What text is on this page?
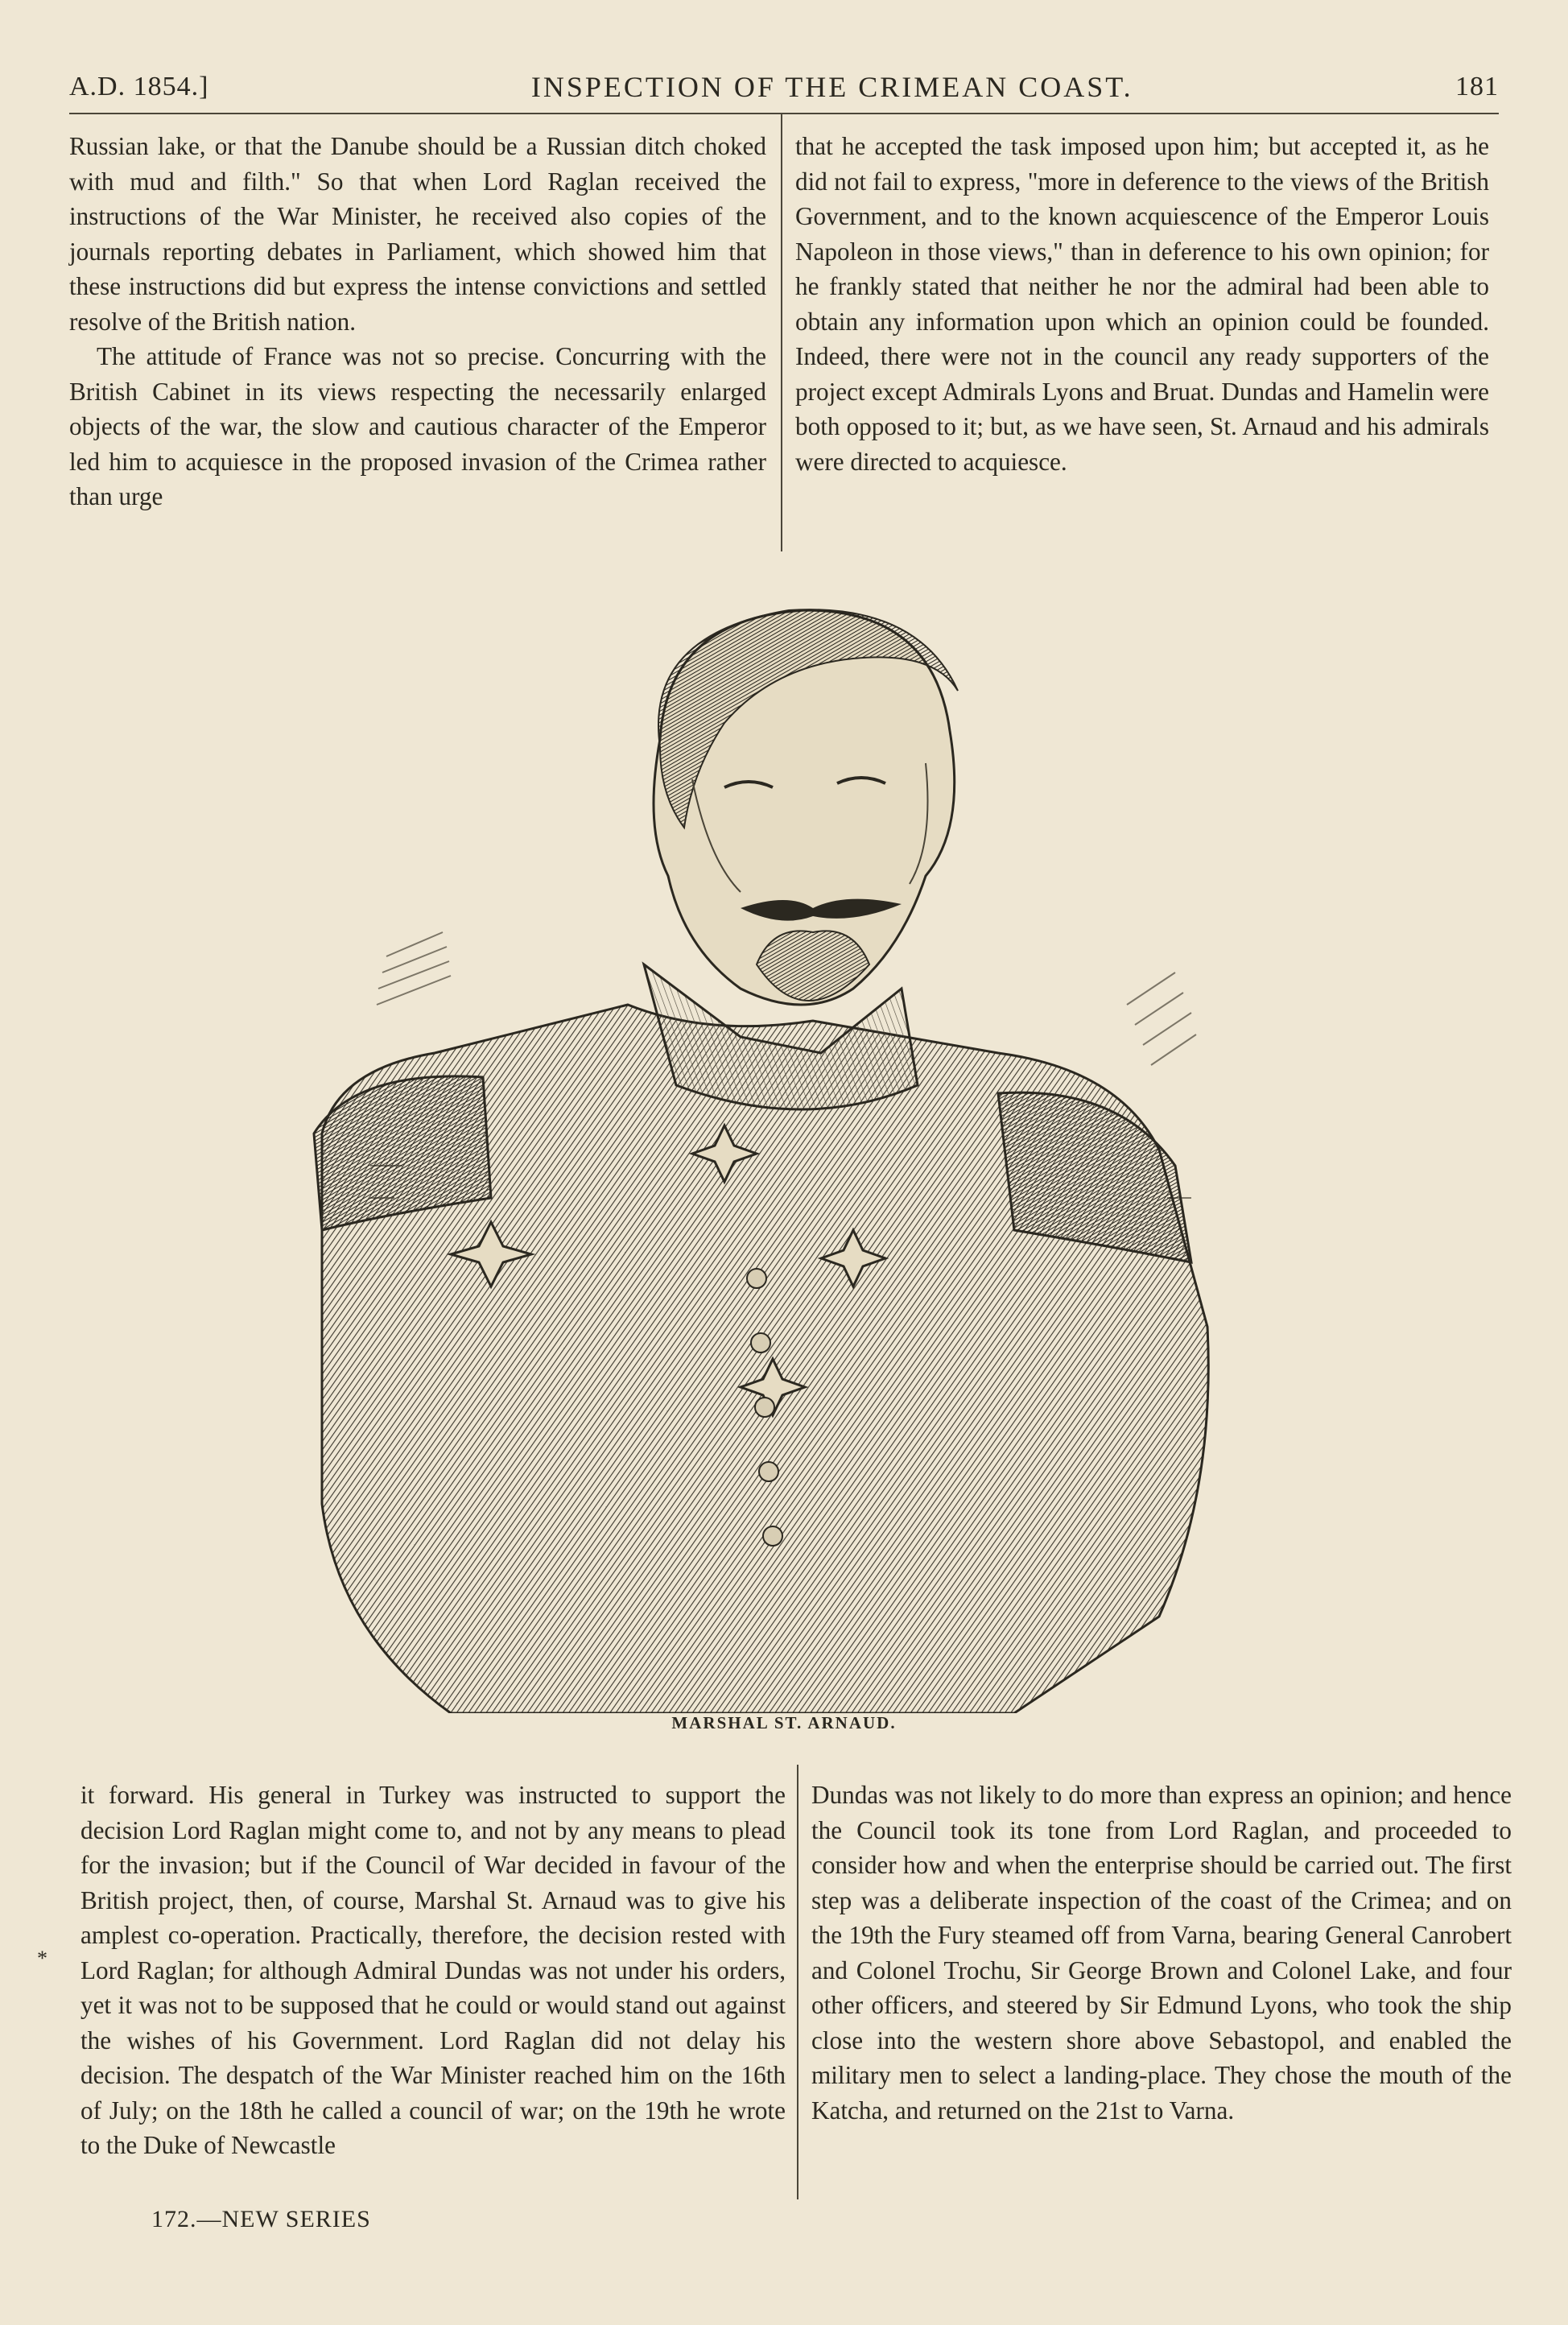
A.D. 1854.]	INSPECTION OF THE CRIMEAN COAST.	181

Russian lake, or that the Danube should be a Russian ditch choked with mud and filth." So that when Lord Raglan received the instructions of the War Minister, he received also copies of the journals reporting debates in Parliament, which showed him that these instructions did but express the intense convictions and settled resolve of the British nation.

The attitude of France was not so precise. Concurring with the British Cabinet in its views respecting the necessarily enlarged objects of the war, the slow and cautious character of the Emperor led him to acquiesce in the proposed invasion of the Crimea rather than urge

that he accepted the task imposed upon him; but accepted it, as he did not fail to express, "more in deference to the views of the British Government, and to the known acquiescence of the Emperor Louis Napoleon in those views," than in deference to his own opinion; for he frankly stated that neither he nor the admiral had been able to obtain any information upon which an opinion could be founded. Indeed, there were not in the council any ready supporters of the project except Admirals Lyons and Bruat. Dundas and Hamelin were both opposed to it; but, as we have seen, St. Arnaud and his admirals were directed to acquiesce.

MARSHAL ST. ARNAUD.

it forward. His general in Turkey was instructed to support the decision Lord Raglan might come to, and not by any means to plead for the invasion; but if the Council of War decided in favour of the British project, then, of course, Marshal St. Arnaud was to give his amplest co-operation. Practically, therefore, the decision rested with Lord Raglan; for although Admiral Dundas was not under his orders, yet it was not to be supposed that he could or would stand out against the wishes of his Government. Lord Raglan did not delay his decision. The despatch of the War Minister reached him on the 16th of July; on the 18th he called a council of war; on the 19th he wrote to the Duke of Newcastle

Dundas was not likely to do more than express an opinion; and hence the Council took its tone from Lord Raglan, and proceeded to consider how and when the enterprise should be carried out. The first step was a deliberate inspection of the coast of the Crimea; and on the 19th the Fury steamed off from Varna, bearing General Canrobert and Colonel Trochu, Sir George Brown and Colonel Lake, and four other officers, and steered by Sir Edmund Lyons, who took the ship close into the western shore above Sebastopol, and enabled the military men to select a landing-place. They chose the mouth of the Katcha, and returned on the 21st to Varna.

*
172.—NEW SERIES
